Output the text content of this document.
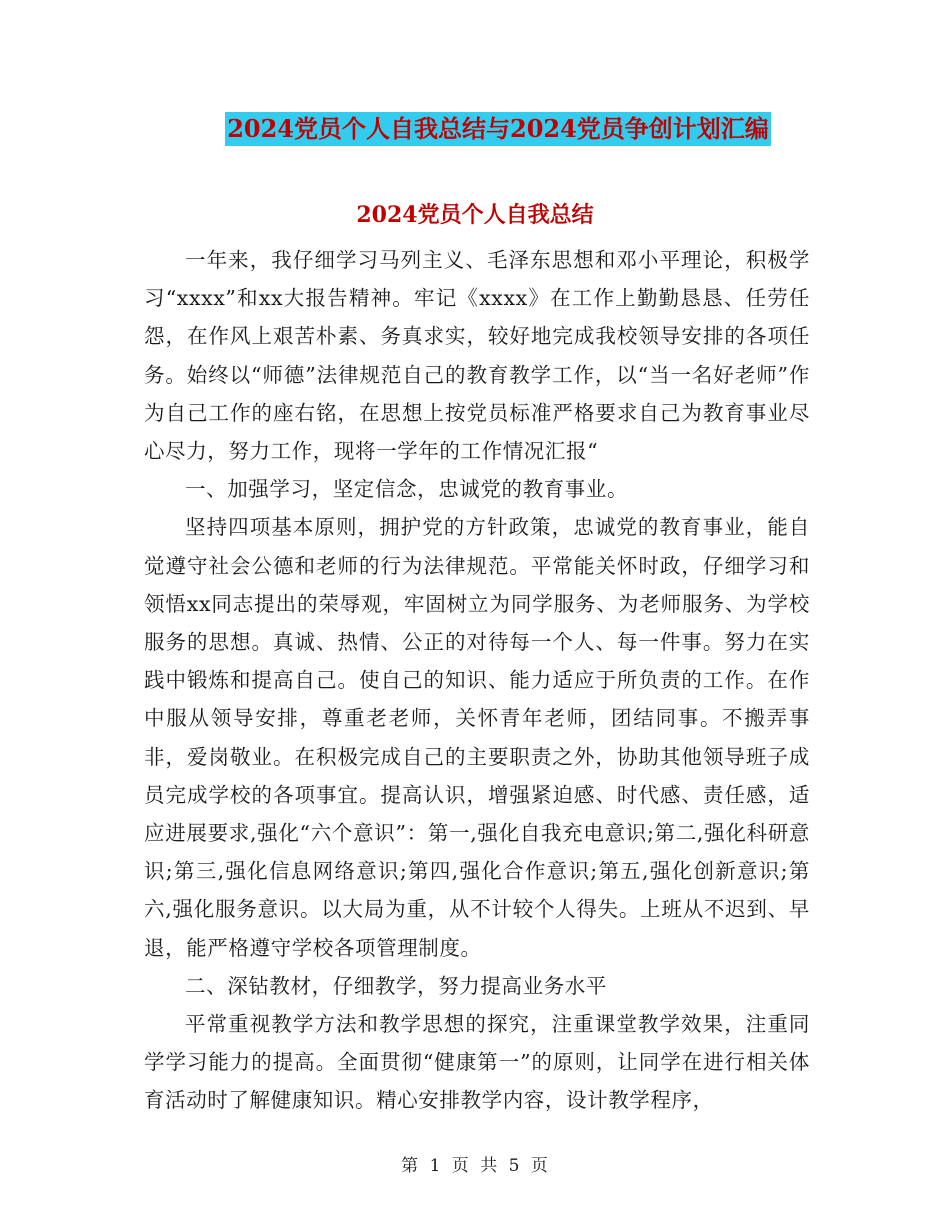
2024党员个人自我总结与2024党员争创计划汇编
2024党员个人自我总结

一年来，我仔细学习马列主义、毛泽东思想和邓小平理论，积极学习“xxxx”和xx大报告精神。牢记《xxxx》在工作上勤勤恳恳、任劳任怨，在作风上艰苦朴素、务真求实，较好地完成我校领导安排的各项任务。始终以“师德”法律规范自己的教育教学工作，以“当一名好老师”作为自己工作的座右铭，在思想上按党员标准严格要求自己为教育事业尽心尽力，努力工作，现将一学年的工作情况汇报“

一、加强学习，坚定信念，忠诚党的教育事业。

坚持四项基本原则，拥护党的方针政策，忠诚党的教育事业，能自觉遵守社会公德和老师的行为法律规范。平常能关怀时政，仔细学习和领悟xx同志提出的荣辱观，牢固树立为同学服务、为老师服务、为学校服务的思想。真诚、热情、公正的对待每一个人、每一件事。努力在实践中锻炼和提高自己。使自己的知识、能力适应于所负责的工作。在作中服从领导安排，尊重老老师，关怀青年老师，团结同事。不搬弄事非，爱岗敬业。在积极完成自己的主要职责之外，协助其他领导班子成员完成学校的各项事宜。提高认识，增强紧迫感、时代感、责任感，适应进展要求,强化“六个意识”：第一,强化自我充电意识;第二,强化科研意识;第三,强化信息网络意识;第四,强化合作意识;第五,强化创新意识;第六,强化服务意识。以大局为重，从不计较个人得失。上班从不迟到、早退，能严格遵守学校各项管理制度。

二、深钻教材，仔细教学，努力提高业务水平

平常重视教学方法和教学思想的探究，注重课堂教学效果，注重同学学习能力的提高。全面贯彻“健康第一”的原则，让同学在进行相关体育活动时了解健康知识。精心安排教学内容，设计教学程序，

第 1 页 共 5 页
